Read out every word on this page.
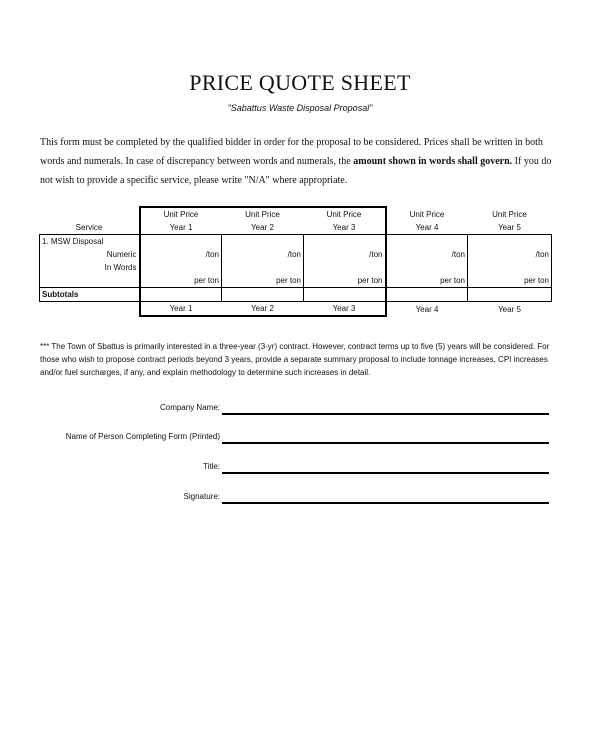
PRICE QUOTE SHEET
"Sabattus Waste Disposal Proposal"
This form must be completed by the qualified bidder in order for the proposal to be considered. Prices shall be written in both words and numerals. In case of discrepancy between words and numerals, the amount shown in words shall govern. If you do not wish to provide a specific service, please write "N/A" where appropriate.
	Unit Price	Unit Price	Unit Price	Unit Price	Unit Price
Service	Year 1	Year 2	Year 3	Year 4	Year 5
1. MSW Disposal					
Numeric	/ton	/ton	/ton	/ton	/ton
In Words					
	per ton	per ton	per ton	per ton	per ton
Subtotals					
	Year 1	Year 2	Year 3	Year 4	Year 5
*** The Town of Sbattus is primarily interested in a three-year (3-yr) contract. However, contract terms up to five (5) years will be considered. For those who wish to propose contract periods beyond 3 years, provide a separate summary proposal to include tonnage increases, CPI increases and/or fuel surcharges, if any, and explain methodology to determine such increases in detail.
Company Name:
Name of Person Completing Form (Printed)
Title:
Signature:
